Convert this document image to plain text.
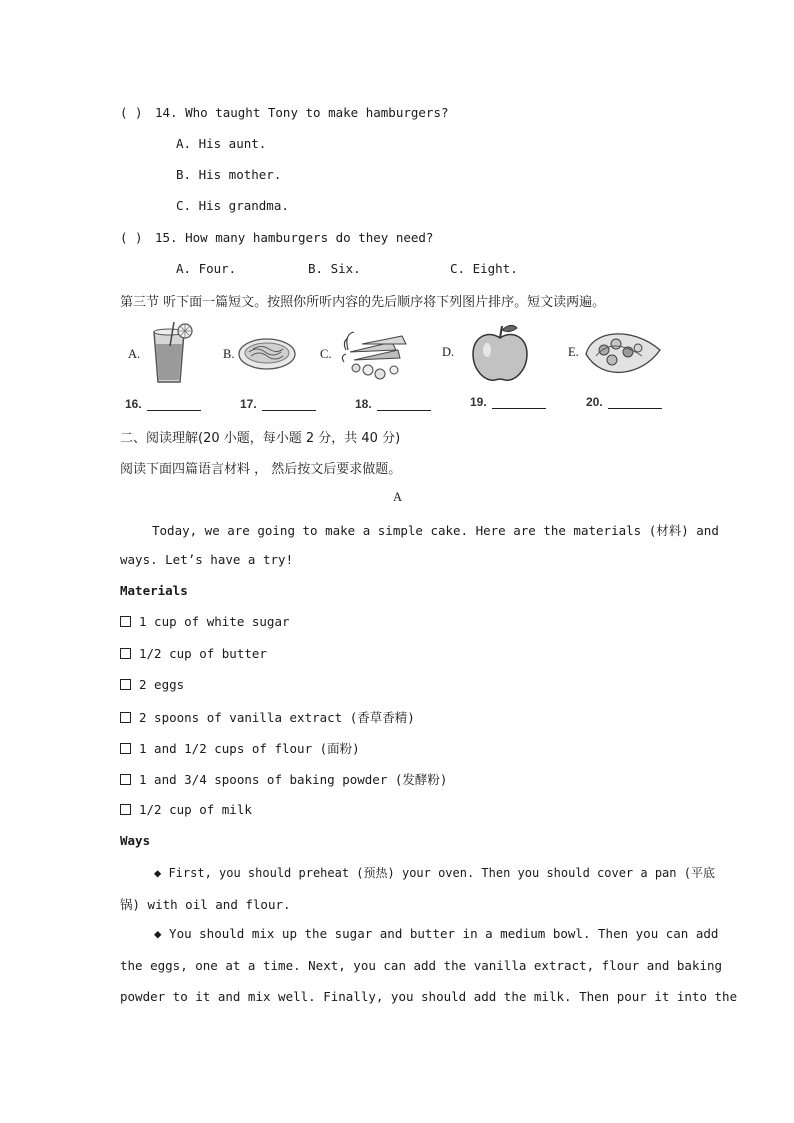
( ) 14. Who taught Tony to make hamburgers?
A. His aunt.
B. His mother.
C. His grandma.
( ) 15. How many hamburgers do they need?
A. Four.	B. Six.	C. Eight.
第三节 听下面一篇短文。按照你所听内容的先后顺序将下列图片排序。短文读两遍。
A.
16.
B.
17.
C.
18.
D.
19.
E.
20.
二、阅读理解(20 小题，每小题 2 分，共 40 分)
阅读下面四篇语言材料 ， 然后按文后要求做题。
A
Today, we are going to make a simple cake. Here are the materials (材料) and
ways. Let’s have a try!
Materials
1 cup of white sugar
1/2 cup of butter
2 eggs
2 spoons of vanilla extract (香草香精)
1 and 1/2 cups of flour (面粉)
1 and 3/4 spoons of baking powder (发酵粉)
1/2 cup of milk
Ways
◆ First, you should preheat (预热) your oven. Then you should cover a pan (平底
锅) with oil and flour.
◆ You should mix up the sugar and butter in a medium bowl. Then you can add
the eggs, one at a time. Next, you can add the vanilla extract, flour and baking
powder to it and mix well. Finally, you should add the milk. Then pour it into the
